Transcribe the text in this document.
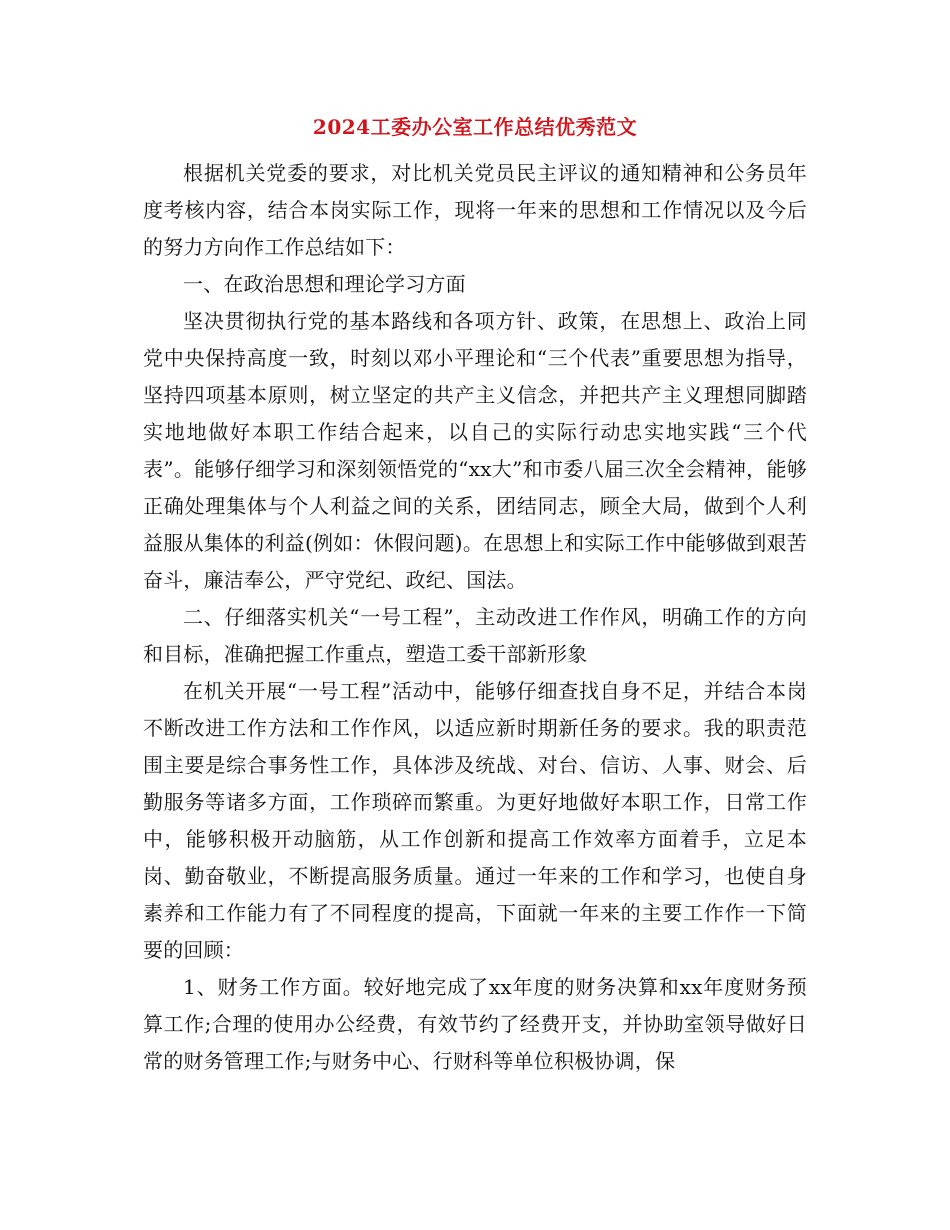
2024工委办公室工作总结优秀范文

根据机关党委的要求，对比机关党员民主评议的通知精神和公务员年度考核内容，结合本岗实际工作，现将一年来的思想和工作情况以及今后的努力方向作工作总结如下：

一、在政治思想和理论学习方面

坚决贯彻执行党的基本路线和各项方针、政策，在思想上、政治上同党中央保持高度一致，时刻以邓小平理论和“三个代表”重要思想为指导，坚持四项基本原则，树立坚定的共产主义信念，并把共产主义理想同脚踏实地地做好本职工作结合起来，以自己的实际行动忠实地实践“三个代表”。能够仔细学习和深刻领悟党的“xx大”和市委八届三次全会精神，能够正确处理集体与个人利益之间的关系，团结同志，顾全大局，做到个人利益服从集体的利益(例如：休假问题)。在思想上和实际工作中能够做到艰苦奋斗，廉洁奉公，严守党纪、政纪、国法。

二、仔细落实机关“一号工程”，主动改进工作作风，明确工作的方向和目标，准确把握工作重点，塑造工委干部新形象

在机关开展“一号工程”活动中，能够仔细查找自身不足，并结合本岗不断改进工作方法和工作作风，以适应新时期新任务的要求。我的职责范围主要是综合事务性工作，具体涉及统战、对台、信访、人事、财会、后勤服务等诸多方面，工作琐碎而繁重。为更好地做好本职工作，日常工作中，能够积极开动脑筋，从工作创新和提高工作效率方面着手，立足本岗、勤奋敬业，不断提高服务质量。通过一年来的工作和学习，也使自身素养和工作能力有了不同程度的提高，下面就一年来的主要工作作一下简要的回顾：

1、财务工作方面。较好地完成了xx年度的财务决算和xx年度财务预算工作;合理的使用办公经费，有效节约了经费开支，并协助室领导做好日常的财务管理工作;与财务中心、行财科等单位积极协调，保
